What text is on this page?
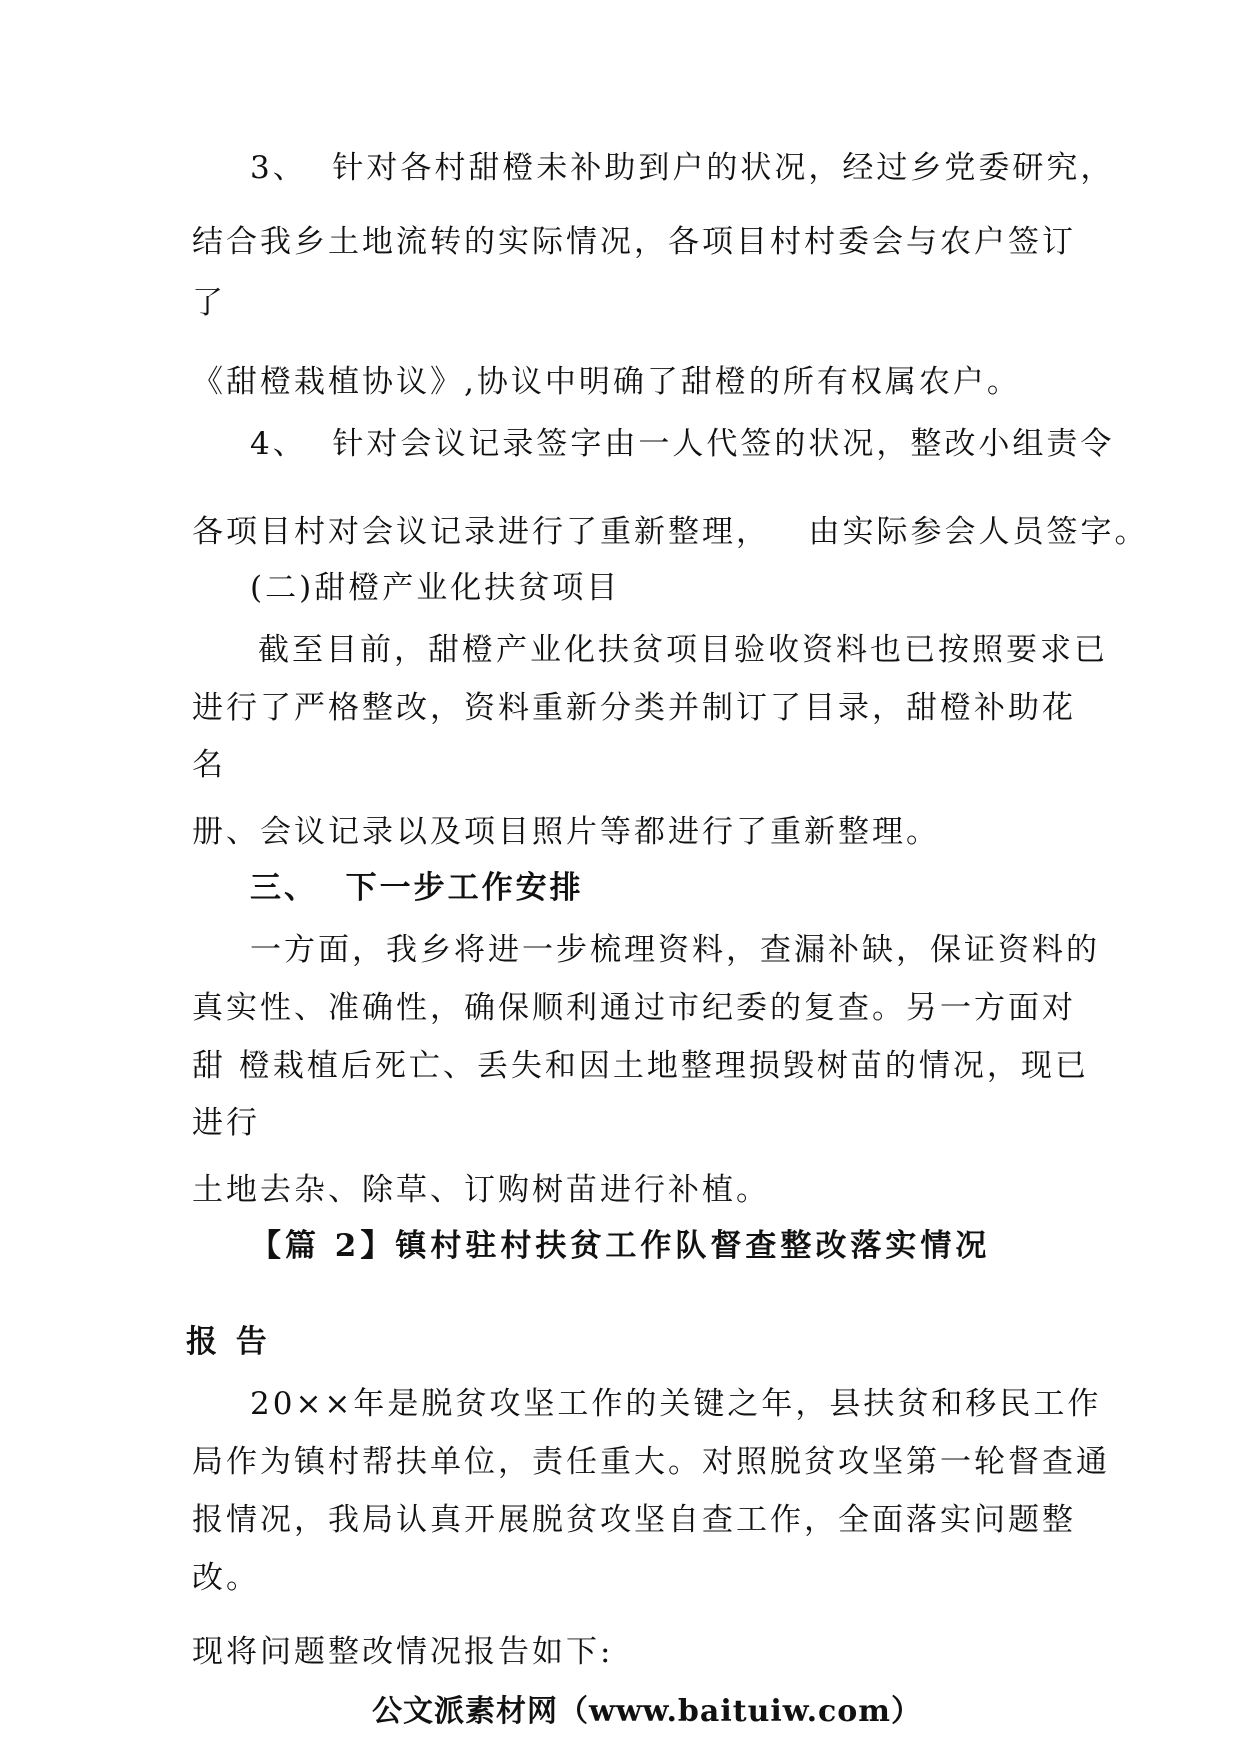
3、  针对各村甜橙未补助到户的状况，经过乡党委研究，
结合我乡土地流转的实际情况，各项目村村委会与农户签订
了
《甜橙栽植协议》,协议中明确了甜橙的所有权属农户。
4、  针对会议记录签字由一人代签的状况，整改小组责令
各项目村对会议记录进行了重新整理，   由实际参会人员签字。
(二)甜橙产业化扶贫项目
截至目前，甜橙产业化扶贫项目验收资料也已按照要求已
进行了严格整改，资料重新分类并制订了目录，甜橙补助花
名
册、会议记录以及项目照片等都进行了重新整理。
三、  下一步工作安排
一方面，我乡将进一步梳理资料，查漏补缺，保证资料的
真实性、准确性，确保顺利通过市纪委的复查。另一方面对
甜 橙栽植后死亡、丢失和因土地整理损毁树苗的情况，现已
进行
土地去杂、除草、订购树苗进行补植。
【篇 2】镇村驻村扶贫工作队督查整改落实情况
报 告
20××年是脱贫攻坚工作的关键之年，县扶贫和移民工作
局作为镇村帮扶单位，责任重大。对照脱贫攻坚第一轮督查通
报情况，我局认真开展脱贫攻坚自查工作，全面落实问题整
改。
现将问题整改情况报告如下:
公文派素材网（www.baituiw.com）
